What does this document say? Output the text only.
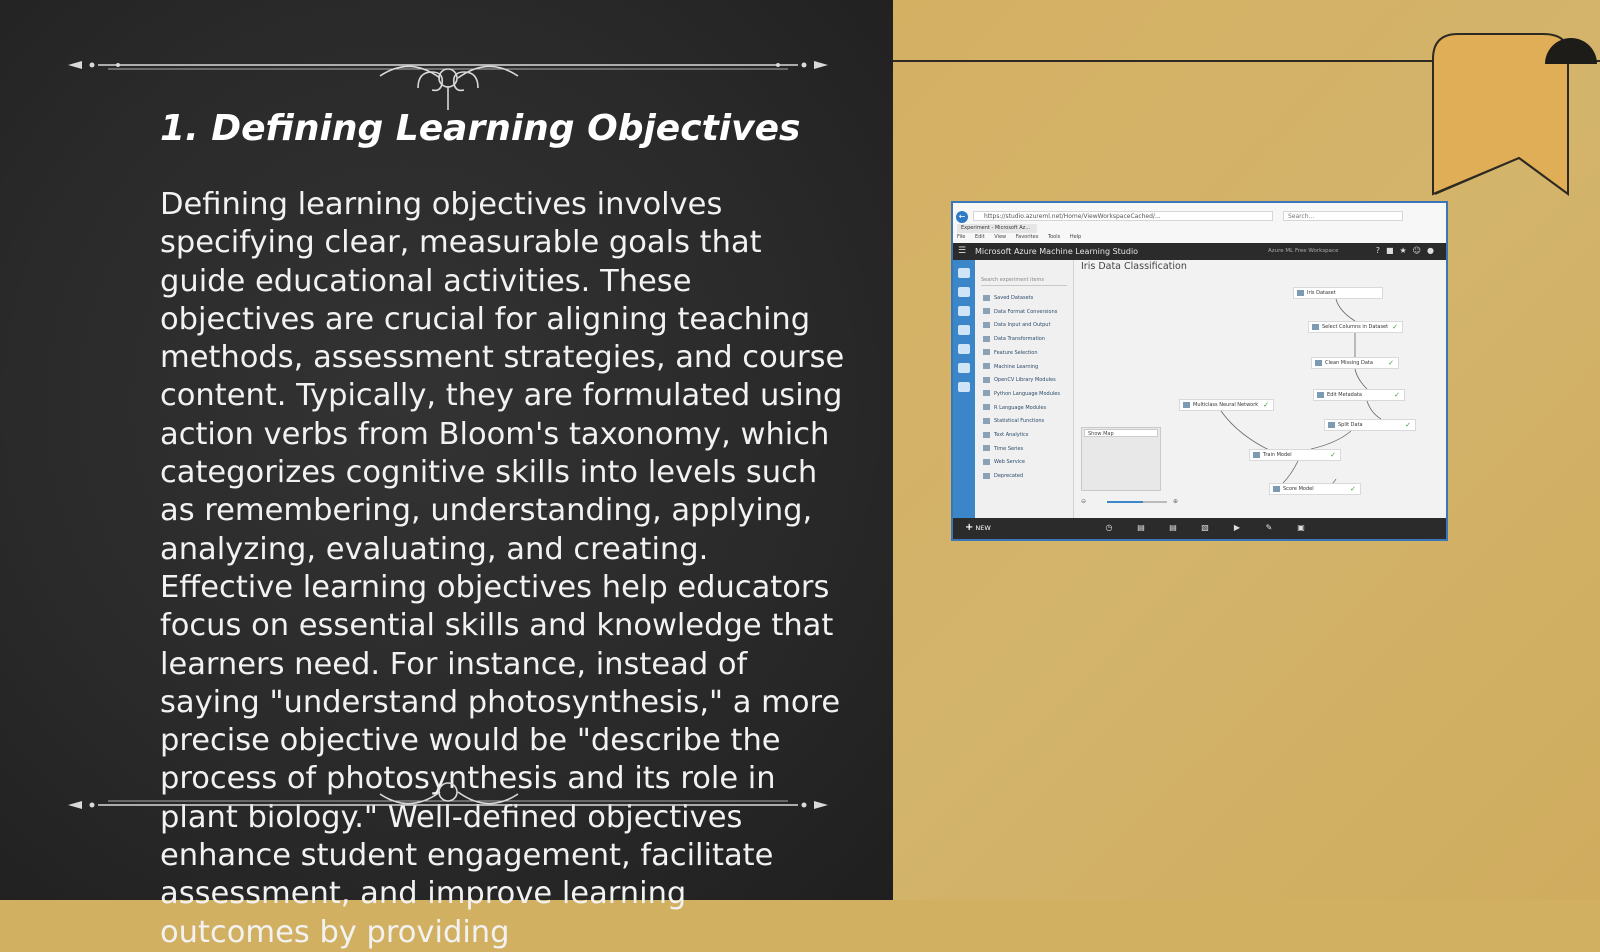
1. Defining Learning Objectives

Defining learning objectives involves specifying clear, measurable goals that guide educational activities. These objectives are crucial for aligning teaching methods, assessment strategies, and course content. Typically, they are formulated using action verbs from Bloom's taxonomy, which categorizes cognitive skills into levels such as remembering, understanding, applying, analyzing, evaluating, and creating. Effective learning objectives help educators focus on essential skills and knowledge that learners need. For instance, instead of saying "understand photosynthesis," a more precise objective would be "describe the process of photosynthesis and its role in plant biology." Well-defined objectives enhance student engagement, facilitate assessment, and improve learning outcomes by providing

←	https://studio.azureml.net/Home/ViewWorkspaceCached/...	Search...
Experiment - Microsoft Az...
File Edit View Favorites Tools Help
☰ Microsoft Azure Machine Learning Studio	Azure ML Free Workspace	?■★☺●
Search experiment items
Saved Datasets
Data Format Conversions
Data Input and Output
Data Transformation
Feature Selection
Machine Learning
OpenCV Library Modules
Python Language Modules
R Language Modules
Statistical Functions
Text Analytics
Time Series
Web Service
Deprecated
Iris Data Classification
Iris Dataset
Select Columns in Dataset ✓
Clean Missing Data ✓
Edit Metadata	✓
Multiclass Neural Network ✓
Split Data	✓
Train Model	✓
Score Model	✓
Show Map
⊖	⊕
+ NEW	◷	▤	▤	▧	▶	✎	▣
